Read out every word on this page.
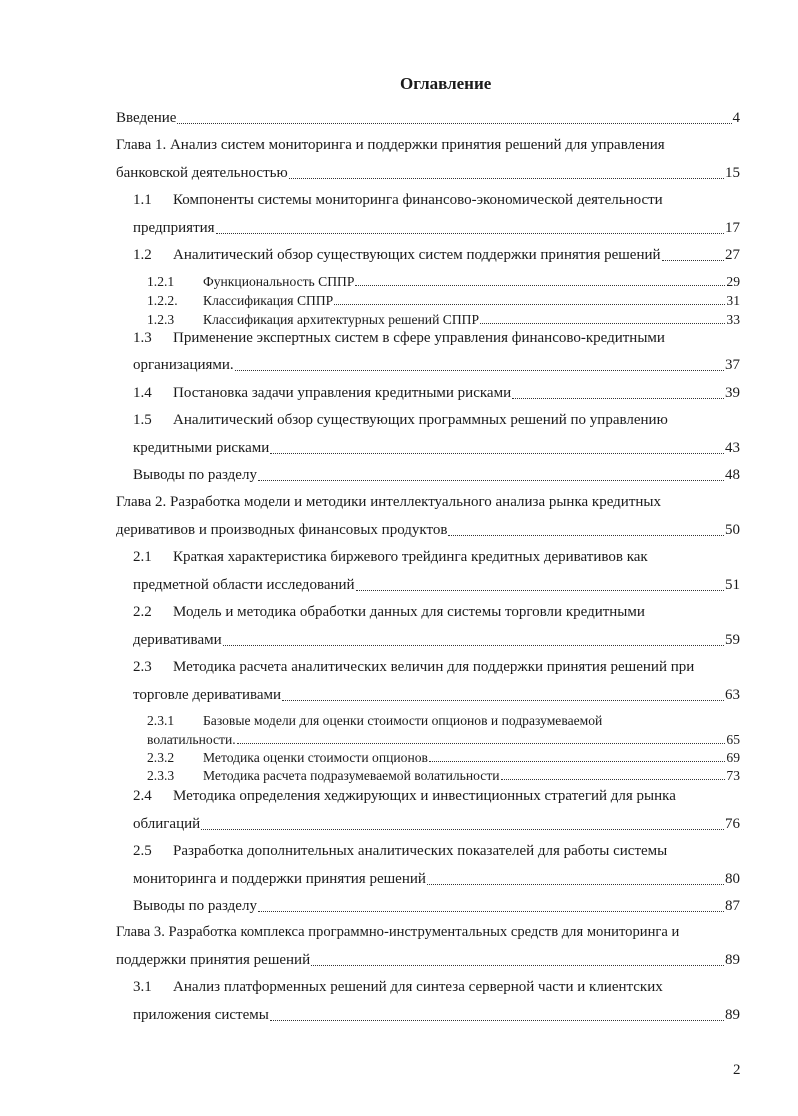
Оглавление
Введение	4
Глава 1. Анализ систем мониторинга и поддержки принятия решений для управления
банковской деятельностью	15
1.1 Компоненты системы мониторинга финансово-экономической деятельности
предприятия	17
1.2	Аналитический обзор существующих систем поддержки принятия решений	27
1.2.1	Функциональность СППР	29
1.2.2.	Классификация СППР	31
1.2.3	Классификация архитектурных решений СППР	33
1.3 Применение экспертных систем в сфере управления финансово-кредитными
организациями.	37
1.4	Постановка задачи управления кредитными рисками	39
1.5 Аналитический обзор существующих программных решений по управлению
кредитными рисками	43
Выводы по разделу	48
Глава 2. Разработка модели и методики интеллектуального анализа рынка кредитных
деривативов и производных финансовых продуктов	50
2.1 Краткая характеристика биржевого трейдинга кредитных деривативов как
предметной области исследований	51
2.2 Модель и методика обработки данных для системы торговли кредитными
деривативами	59
2.3 Методика расчета аналитических величин для поддержки принятия решений при
торговле деривативами	63
2.3.1 Базовые модели для оценки стоимости опционов и подразумеваемой
волатильности.	65
2.3.2	Методика оценки стоимости опционов	69
2.3.3	Методика расчета подразумеваемой волатильности	73
2.4 Методика определения хеджирующих и инвестиционных стратегий для рынка
облигаций	76
2.5 Разработка дополнительных аналитических показателей для работы системы
мониторинга и поддержки принятия решений	80
Выводы по разделу	87
Глава 3. Разработка комплекса программно-инструментальных средств для мониторинга и
поддержки принятия решений	89
3.1 Анализ платформенных решений для синтеза серверной части и клиентских
приложения системы	89
2
